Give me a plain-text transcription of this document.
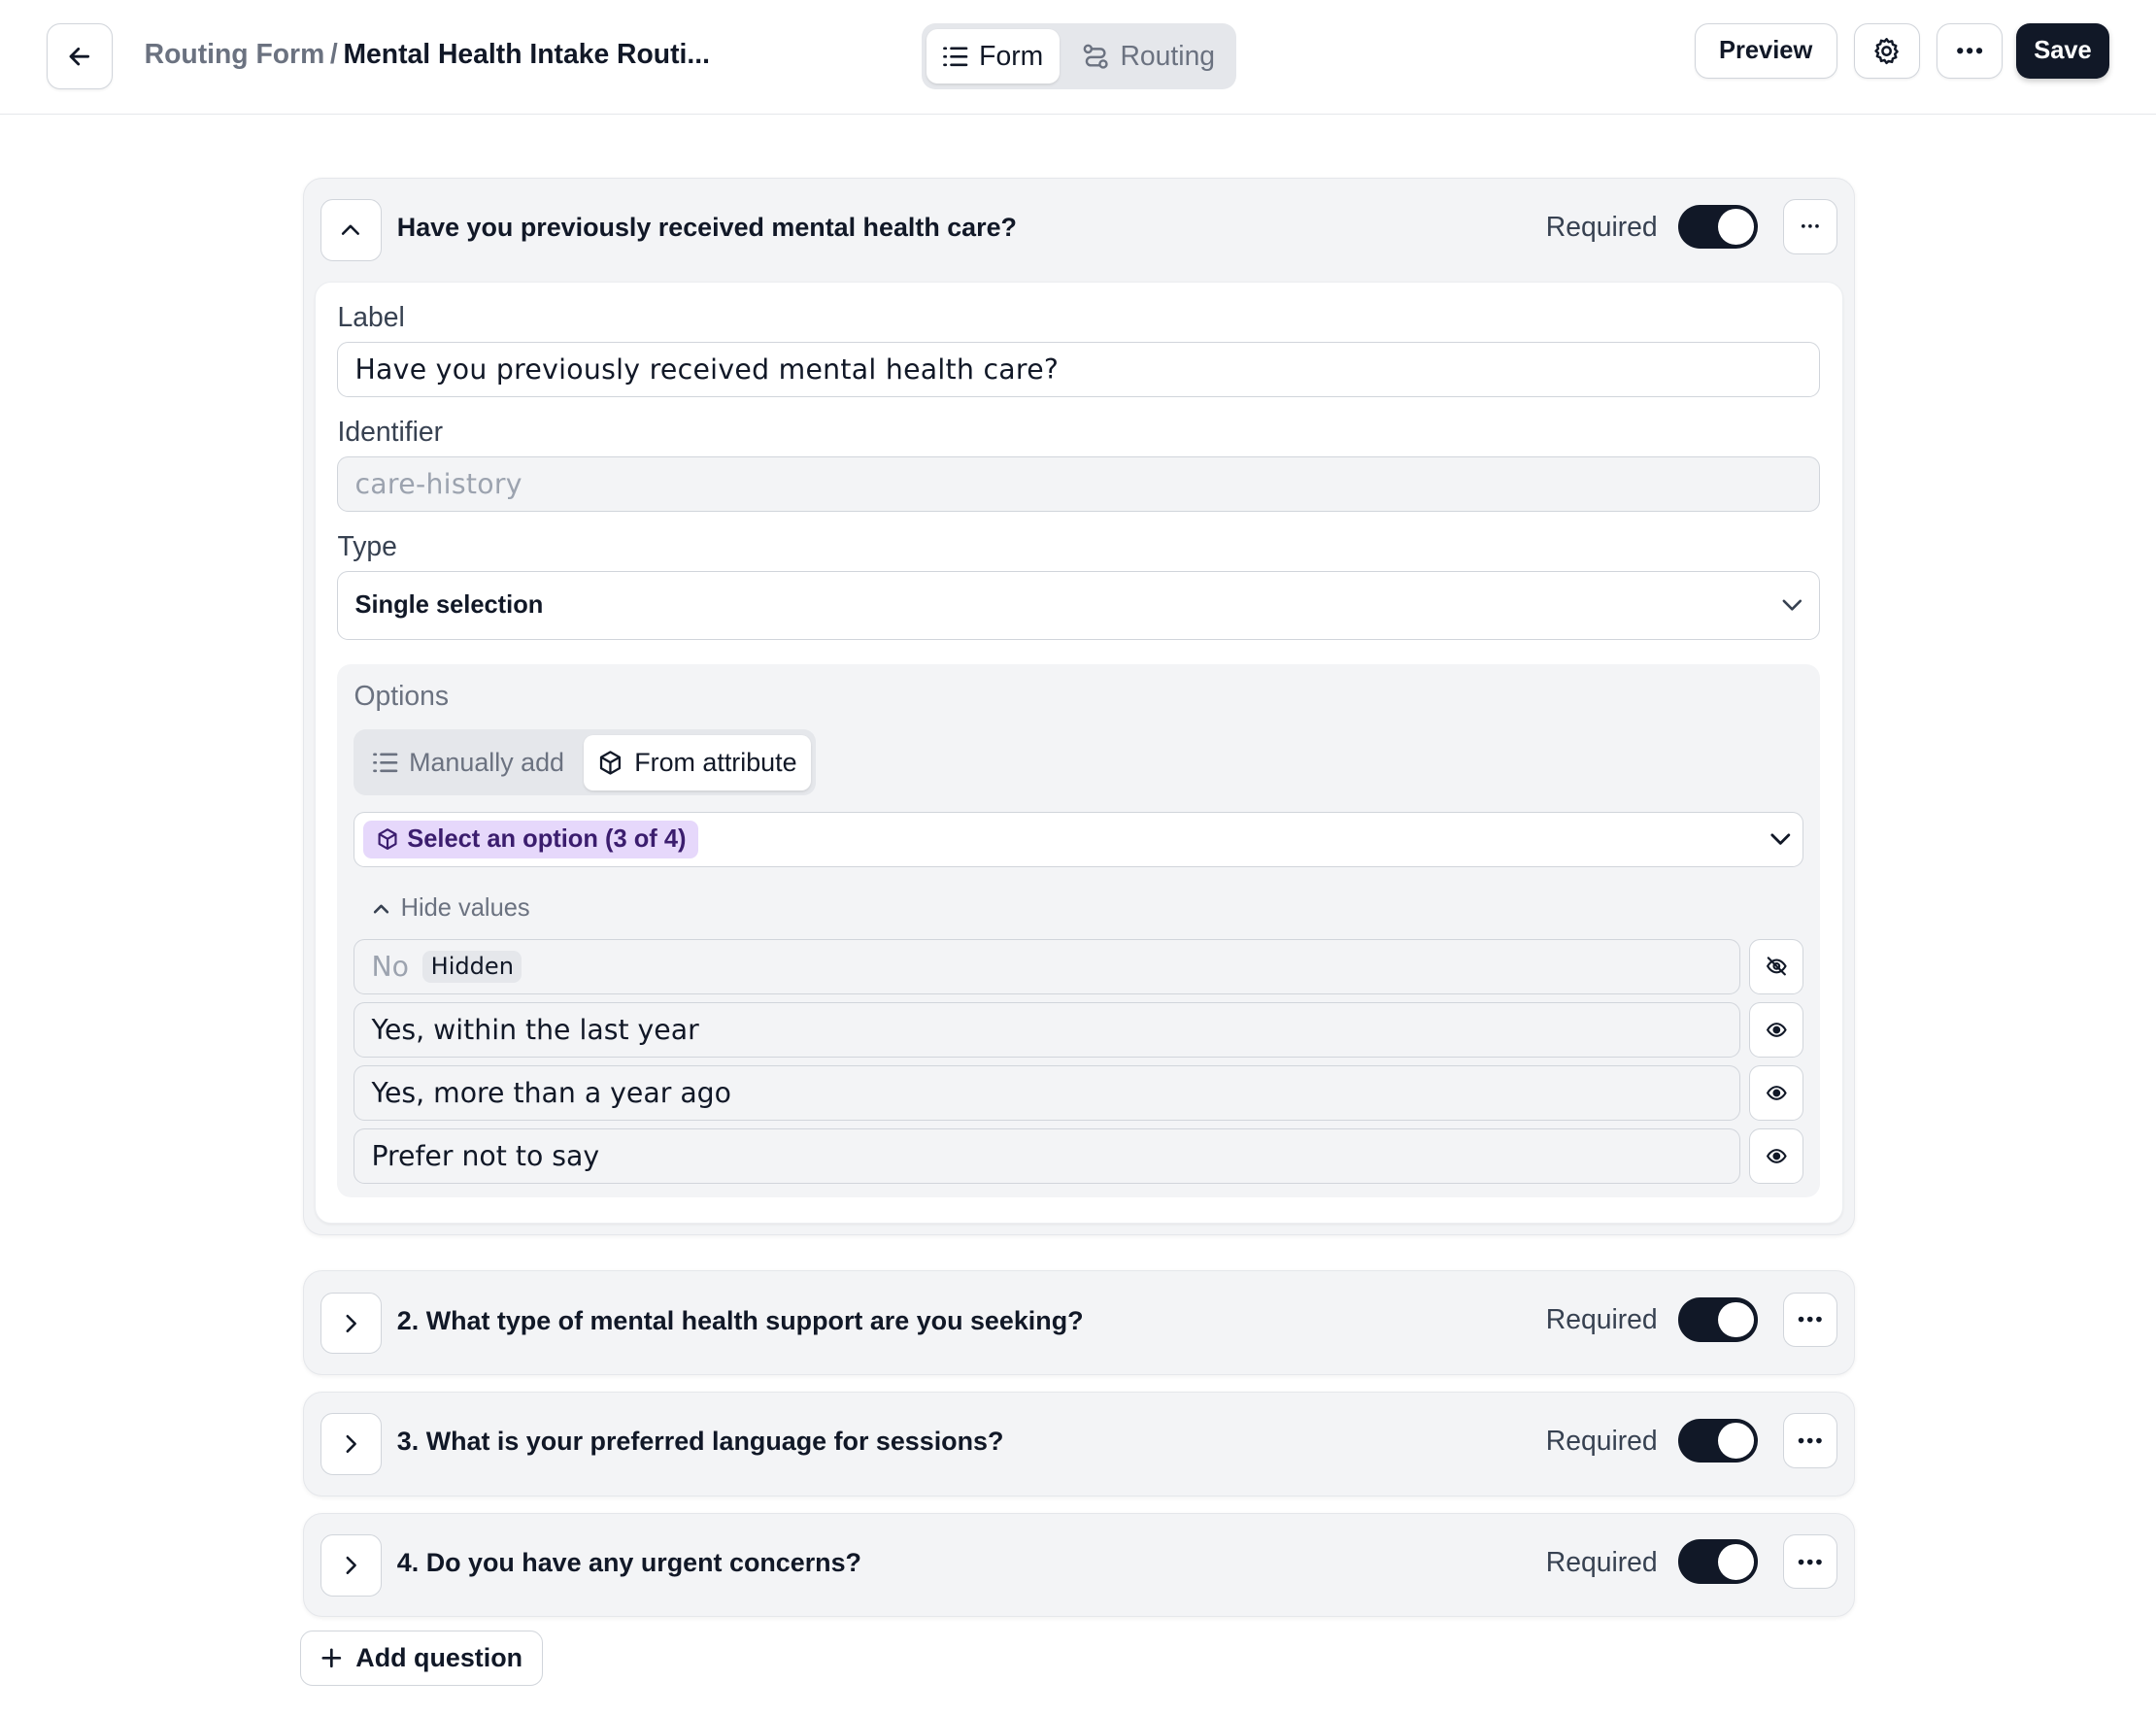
Routing Form / Mental Health Intake Routi...	Form	Routing	Preview	Save
Have you previously received mental health care?	Required
Label
Have you previously received mental health care?
Identifier
care-history
Type
Single selection
Options
Manually add	From attribute
Select an option (3 of 4)
Hide values
No	Hidden
Yes, within the last year
Yes, more than a year ago
Prefer not to say
2. What type of mental health support are you seeking?	Required
3. What is your preferred language for sessions?	Required
4. Do you have any urgent concerns?	Required
Add question
